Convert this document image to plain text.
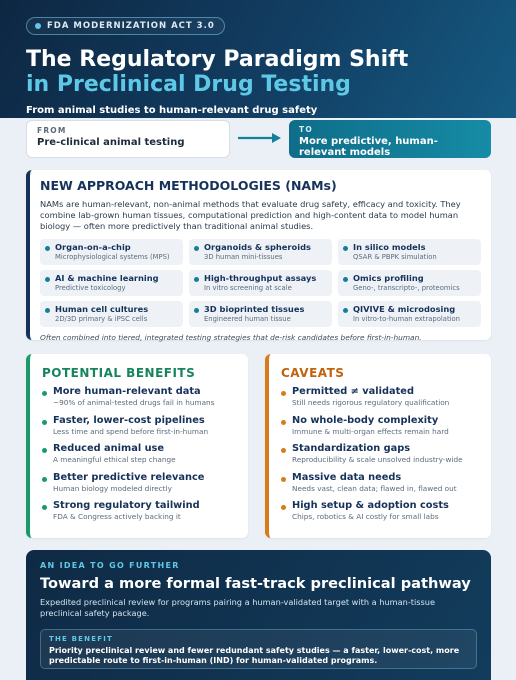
FDA MODERNIZATION ACT 3.0
The Regulatory Paradigm Shift
in Preclinical Drug Testing
From animal studies to human-relevant drug safety
FROM
Pre-clinical animal testing
TO
More predictive, human-relevant models
NEW APPROACH METHODOLOGIES (NAMs)
NAMs are human-relevant, non-animal methods that evaluate drug safety, efficacy and toxicity. They combine lab-grown human tissues, computational prediction and high-content data to model human biology — often more predictively than traditional animal studies.
Organ-on-a-chip
Microphysiological systems (MPS)
Organoids & spheroids
3D human mini-tissues
In silico models
QSAR & PBPK simulation
AI & machine learning
Predictive toxicology
High-throughput assays
In vitro screening at scale
Omics profiling
Geno-, transcripto-, proteomics
Human cell cultures
2D/3D primary & iPSC cells
3D bioprinted tissues
Engineered human tissue
QIVIVE & microdosing
In vitro-to-human extrapolation
Often combined into tiered, integrated testing strategies that de-risk candidates before first-in-human.
POTENTIAL BENEFITS
More human-relevant data
~90% of animal-tested drugs fail in humans
Faster, lower-cost pipelines
Less time and spend before first-in-human
Reduced animal use
A meaningful ethical step change
Better predictive relevance
Human biology modeled directly
Strong regulatory tailwind
FDA & Congress actively backing it
CAVEATS
Permitted ≠ validated
Still needs rigorous regulatory qualification
No whole-body complexity
Immune & multi-organ effects remain hard
Standardization gaps
Reproducibility & scale unsolved industry-wide
Massive data needs
Needs vast, clean data; flawed in, flawed out
High setup & adoption costs
Chips, robotics & AI costly for small labs
AN IDEA TO GO FURTHER
Toward a more formal fast-track preclinical pathway
Expedited preclinical review for programs pairing a human-validated target with a human-tissue preclinical safety package.
THE BENEFIT
Priority preclinical review and fewer redundant safety studies — a faster, lower-cost, more predictable route to first-in-human (IND) for human-validated programs.
